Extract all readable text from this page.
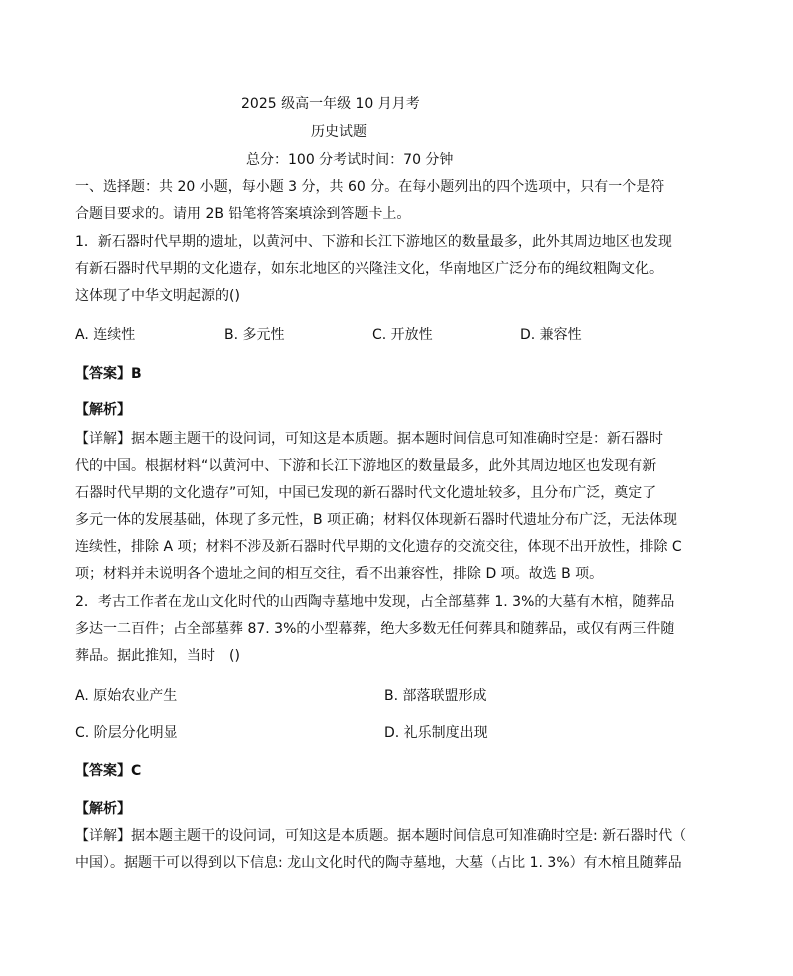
2025 级高一年级 10 月月考
历史试题
总分：100 分考试时间：70 分钟
一、选择题：共 20 小题，每小题 3 分，共 60 分。在每小题列出的四个选项中，只有一个是符
合题目要求的。请用 2B 铅笔将答案填涂到答题卡上。
1．新石器时代早期的遗址，以黄河中、下游和长江下游地区的数量最多，此外其周边地区也发现
有新石器时代早期的文化遗存，如东北地区的兴隆洼文化，华南地区广泛分布的绳纹粗陶文化。
这体现了中华文明起源的()
A. 连续性	B. 多元性	C. 开放性	D. 兼容性
【答案】B
【解析】
【详解】据本题主题干的设问词，可知这是本质题。据本题时间信息可知准确时空是：新石器时
代的中国。根据材料“以黄河中、下游和长江下游地区的数量最多，此外其周边地区也发现有新
石器时代早期的文化遗存”可知，中国已发现的新石器时代文化遗址较多，且分布广泛，奠定了
多元一体的发展基础，体现了多元性，B 项正确；材料仅体现新石器时代遗址分布广泛，无法体现
连续性，排除 A 项；材料不涉及新石器时代早期的文化遗存的交流交往，体现不出开放性，排除 C
项；材料并未说明各个遗址之间的相互交往，看不出兼容性，排除 D 项。故选 B 项。
2．考古工作者在龙山文化时代的山西陶寺墓地中发现，占全部墓葬 1. 3%的大墓有木棺，随葬品
多达一二百件；占全部墓葬 87. 3%的小型幕葬，绝大多数无任何葬具和随葬品，或仅有两三件随
葬品。据此推知，当时　()
A. 原始农业产生	B. 部落联盟形成
C. 阶层分化明显	D. 礼乐制度出现
【答案】C
【解析】
【详解】据本题主题干的设问词，可知这是本质题。据本题时间信息可知准确时空是: 新石器时代（
中国）。据题干可以得到以下信息: 龙山文化时代的陶寺墓地，大墓（占比 1. 3%）有木棺且随葬品
